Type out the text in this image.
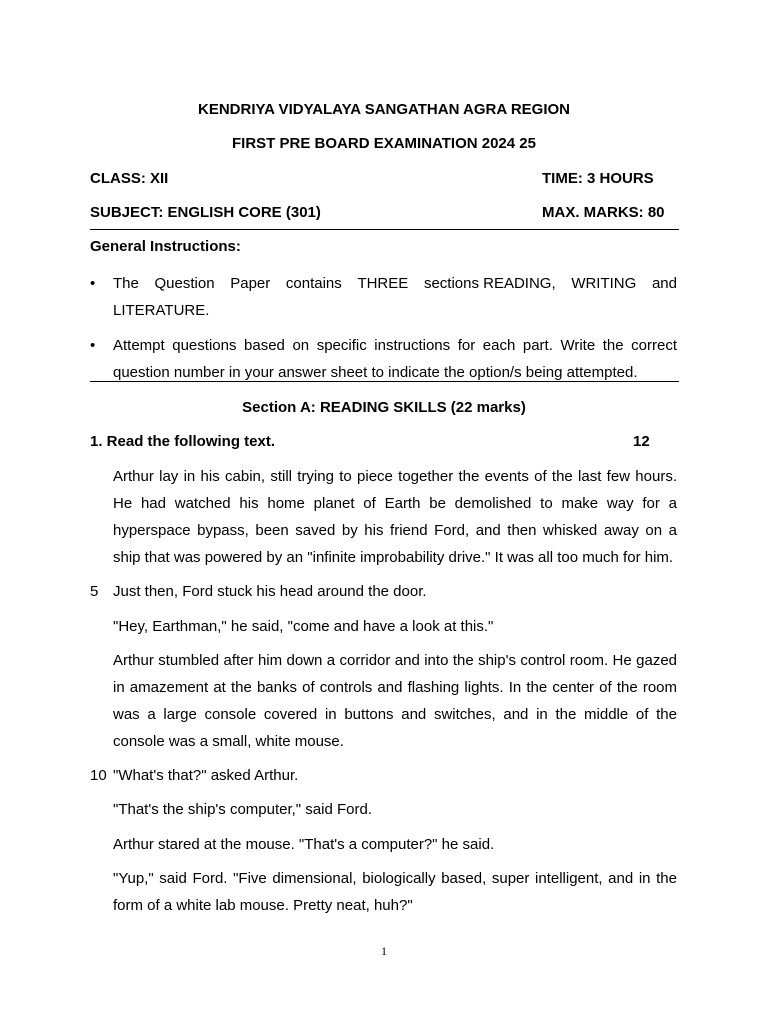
KENDRIYA VIDYALAYA SANGATHAN AGRA REGION
FIRST PRE BOARD EXAMINATION 2024 25
CLASS: XII	TIME: 3 HOURS
SUBJECT: ENGLISH CORE (301)	MAX. MARKS: 80
General Instructions:
• The Question Paper contains THREE sections READING, WRITING and
LITERATURE.
• Attempt questions based on specific instructions for each part. Write the correct
question number in your answer sheet to indicate the option/s being attempted.
Section A: READING SKILLS (22 marks)
1. Read the following text.	12
Arthur lay in his cabin, still trying to piece together the events of the last few hours.
He had watched his home planet of Earth be demolished to make way for a
hyperspace bypass, been saved by his friend Ford, and then whisked away on a
ship that was powered by an "infinite improbability drive." It was all too much for him.
5 Just then, Ford stuck his head around the door.
"Hey, Earthman," he said, "come and have a look at this."
Arthur stumbled after him down a corridor and into the ship's control room. He gazed
in amazement at the banks of controls and flashing lights. In the center of the room
was a large console covered in buttons and switches, and in the middle of the
console was a small, white mouse.
10 "What's that?" asked Arthur.
"That's the ship's computer," said Ford.
Arthur stared at the mouse. "That's a computer?" he said.
"Yup," said Ford. "Five dimensional, biologically based, super intelligent, and in the
form of a white lab mouse. Pretty neat, huh?"
1
